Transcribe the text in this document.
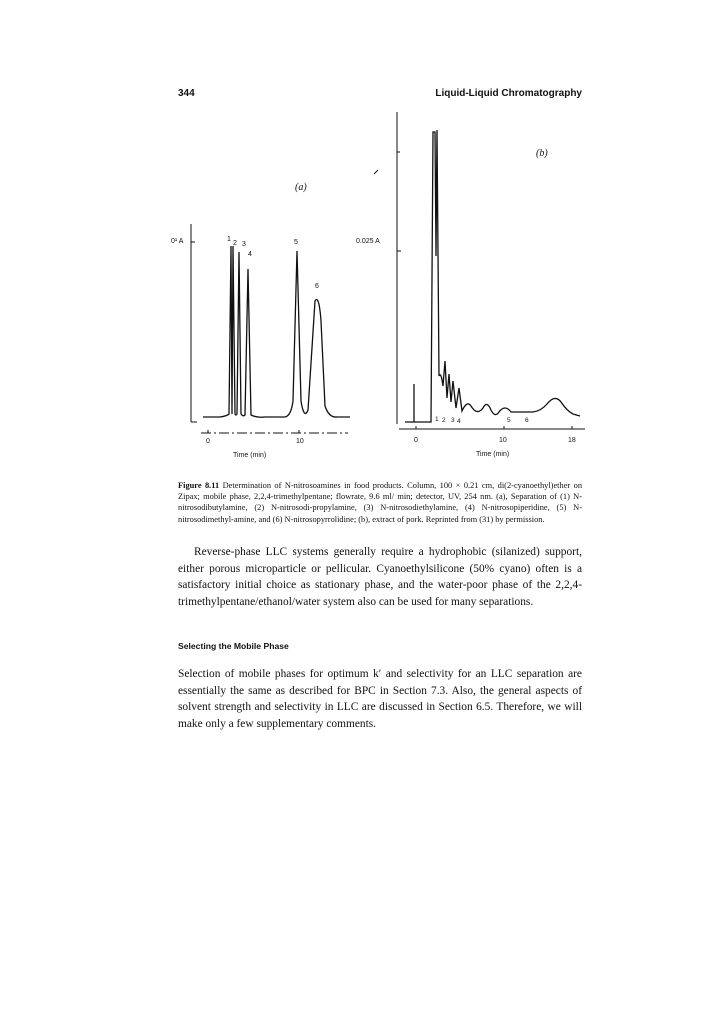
344	Liquid-Liquid Chromatography
(a)
0¹ A	1
2 3
4
5
6
0	10
Time (min)
(b)
0.025 A
1 2 3 4	5 6
0	10	18
Time (min)
Figure 8.11 Determination of N-nitrosoamines in food products. Column, 100 × 0.21 cm, di(2-cyanoethyl)ether on Zipax; mobile phase, 2,2,4-trimethylpentane; flowrate, 9.6 ml/ min; detector, UV, 254 nm. (a), Separation of (1) N-nitrosodibutylamine, (2) N-nitrosodi-propylamine, (3) N-nitrosodiethylamine, (4) N-nitrosopiperidine, (5) N-nitrosodimethyl-amine, and (6) N-nitrosopyrrolidine; (b), extract of pork. Reprinted from (31) by permission.

Reverse-phase LLC systems generally require a hydrophobic (silanized) support, either porous microparticle or pellicular. Cyanoethylsilicone (50% cyano) often is a satisfactory initial choice as stationary phase, and the water-poor phase of the 2,2,4-trimethylpentane/ethanol/water system also can be used for many separations.

Selecting the Mobile Phase

Selection of mobile phases for optimum k′ and selectivity for an LLC separation are essentially the same as described for BPC in Section 7.3. Also, the general aspects of solvent strength and selectivity in LLC are discussed in Section 6.5. Therefore, we will make only a few supplementary comments.
